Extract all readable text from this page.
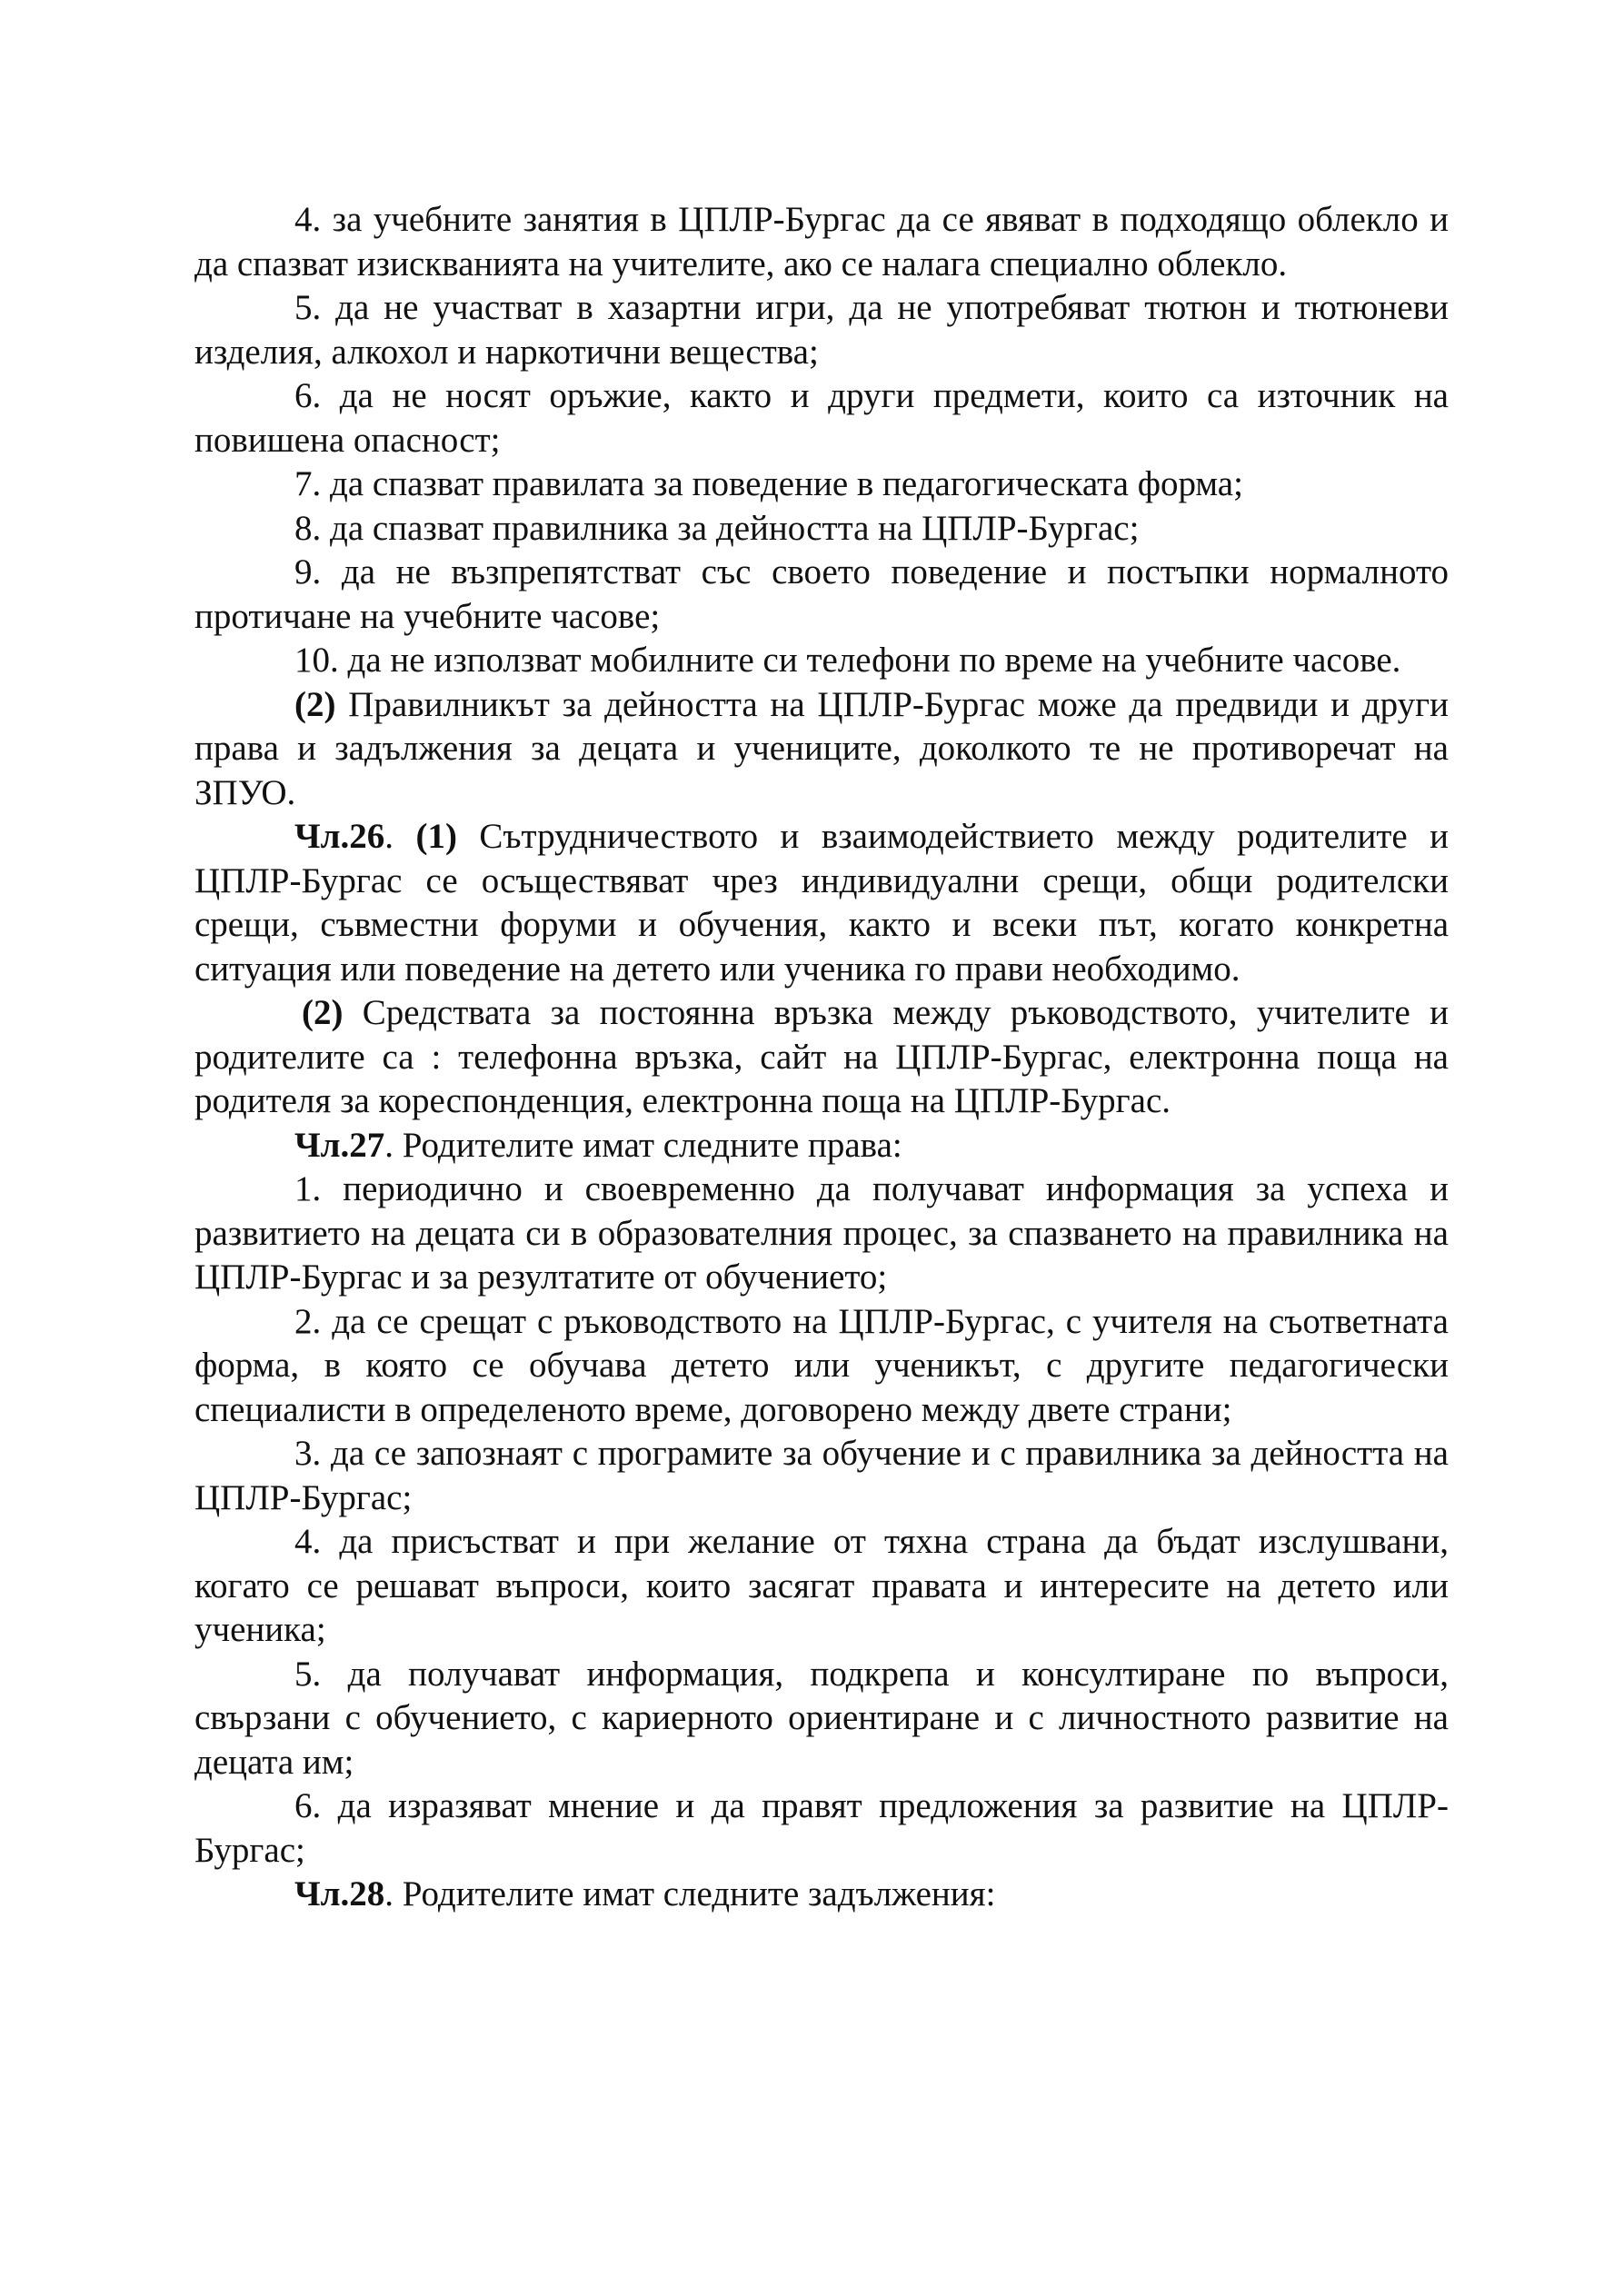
4. за учебните занятия в ЦПЛР-Бургас да се явяват в подходящо облекло и да спазват изискванията на учителите, ако се налага специално облекло.

5. да не участват в хазартни игри, да не употребяват тютюн и тютюневи изделия, алкохол и наркотични вещества;

6. да не носят оръжие, както и други предмети, които са източник на повишена опасност;

7. да спазват правилата за поведение в педагогическата форма;

8. да спазват правилника за дейността на ЦПЛР-Бургас;

9. да не възпрепятстват със своето поведение и постъпки нормалното протичане на учебните часове;

10. да не използват мобилните си телефони по време на учебните часове.

(2) Правилникът за дейността на ЦПЛР-Бургас може да предвиди и други права и задължения за децата и учениците, доколкото те не противоречат на ЗПУО.

Чл.26. (1) Сътрудничеството и взаимодействието между родителите и ЦПЛР-Бургас се осъществяват чрез индивидуални срещи, общи родителски срещи, съвместни форуми и обучения, както и всеки път, когато конкретна ситуация или поведение на детето или ученика го прави необходимо.

(2) Средствата за постоянна връзка между ръководството, учителите и родителите са : телефонна връзка, сайт на ЦПЛР-Бургас, електронна поща на родителя за кореспонденция, електронна поща на ЦПЛР-Бургас.

Чл.27. Родителите имат следните права:

1. периодично и своевременно да получават информация за успеха и развитието на децата си в образователния процес, за спазването на правилника на ЦПЛР-Бургас и за резултатите от обучението;

2. да се срещат с ръководството на ЦПЛР-Бургас, с учителя на съответната форма, в която се обучава детето или ученикът, с другите педагогически специалисти в определеното време, договорено между двете страни;

3. да се запознаят с програмите за обучение и с правилника за дейността на ЦПЛР-Бургас;

4. да присъстват и при желание от тяхна страна да бъдат изслушвани, когато се решават въпроси, които засягат правата и интересите на детето или ученика;

5. да получават информация, подкрепа и консултиране по въпроси, свързани с обучението, с кариерното ориентиране и с личностното развитие на децата им;

6. да изразяват мнение и да правят предложения за развитие на ЦПЛР-Бургас;

Чл.28. Родителите имат следните задължения:
